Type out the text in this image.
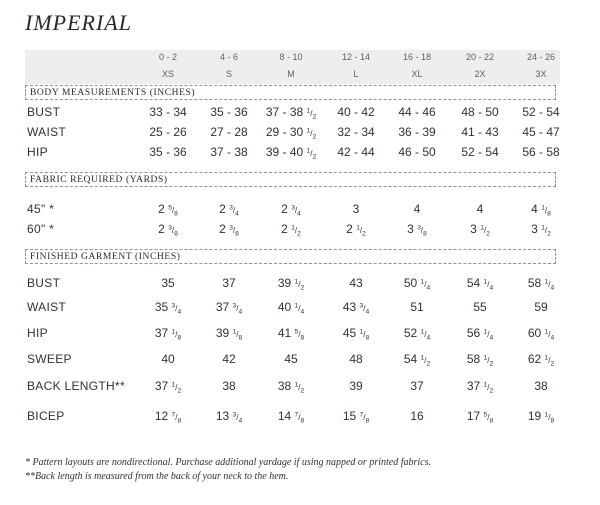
IMPERIAL
0 - 2	4 - 6	8 - 10	12 - 14	16 - 18	20 - 22	24 - 26
XS	S	M	L	XL	2X	3X
BODY MEASUREMENTS (INCHES)
BUST	33 - 34	35 - 36	37 - 38 $^1/_2$	40 - 42	44 - 46	48 - 50	52 - 54
WAIST	25 - 26	27 - 28	29 - 30 $^1/_2$	32 - 34	36 - 39	41 - 43	45 - 47
HIP	35 - 36	37 - 38	39 - 40 $^1/_2$	42 - 44	46 - 50	52 - 54	56 - 58
FABRIC REQUIRED (YARDS)
45" *	2 $^5/_8$	2 $^3/_4$	2 $^3/_4$	3	4	4	4 $^1/_8$
60" *	2 $^3/_8$	2 $^3/_8$	2 $^1/_2$	2 $^1/_2$	3 $^3/_8$	3 $^1/_2$	3 $^1/_2$
FINISHED GARMENT (INCHES)
BUST	35	37	39 $^1/_2$	43	50 $^1/_4$	54 $^1/_4$	58 $^1/_4$
WAIST	35 $^3/_4$	37 $^3/_4$	40 $^1/_4$	43 $^3/_4$	51	55	59
HIP	37 $^1/_8$	39 $^1/_8$	41 $^5/_8$	45 $^1/_8$	52 $^1/_4$	56 $^1/_4$	60 $^1/_4$
SWEEP	40	42	45	48	54 $^1/_2$	58 $^1/_2$	62 $^1/_2$
BACK LENGTH**	37 $^1/_2$	38	38 $^1/_2$	39	37	37 $^1/_2$	38
BICEP	12 $^7/_8$	13 $^3/_4$	14 $^7/_8$	15 $^7/_8$	16	17 $^5/_8$	19 $^1/_8$
* Pattern layouts are nondirectional. Purchase additional yardage if using napped or printed fabrics.
**Back length is measured from the back of your neck to the hem.
